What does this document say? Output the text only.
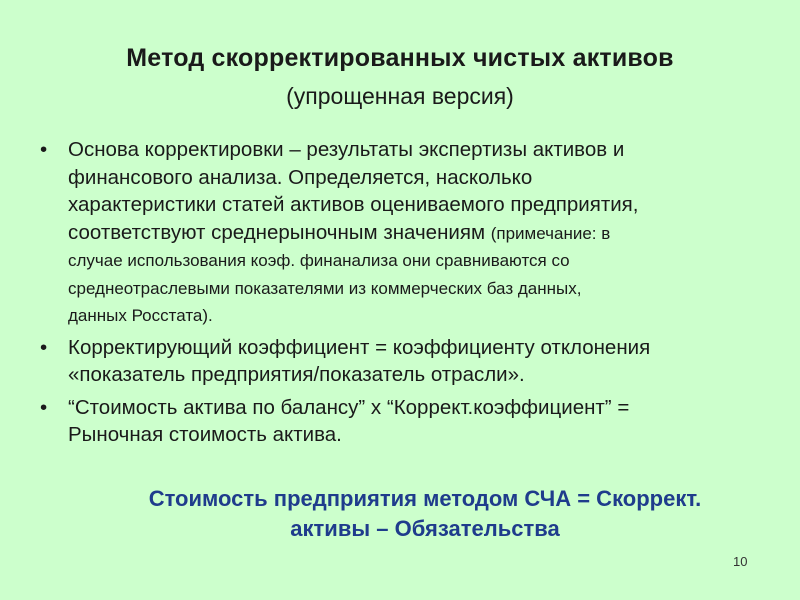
Метод скорректированных чистых активов
(упрощенная версия)
• Основа корректировки – результаты экспертизы активов и
финансового анализа. Определяется, насколько
характеристики статей активов оцениваемого предприятия,
соответствуют среднерыночным значениям (примечание: в
случае использования коэф. финанализа они сравниваются со
среднеотраслевыми показателями из коммерческих баз данных,
данных Росстата).
• Корректирующий коэффициент = коэффициенту отклонения
«показатель предприятия/показатель отрасли».
• “Стоимость актива по балансу” х “Коррект.коэффициент” =
Рыночная стоимость актива.
Стоимость предприятия методом СЧА = Скоррект.
активы – Обязательства
10
